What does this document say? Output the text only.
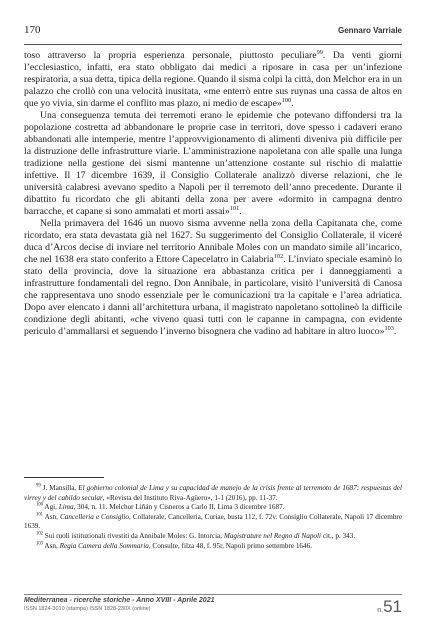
170	Gennaro Varriale

toso attraverso la propria esperienza personale, piuttosto peculiare$^{99}$. Da venti giorni l’ecclesiastico, infatti, era stato obbligato dai medici a riposare in casa per un’infezione respiratoria, a sua detta, tipica della regione. Quando il sisma colpì la città, don Melchor era in un palazzo che crollò con una velocità inusitata, «me enterrò entre sus ruynas una cassa de altos en que yo vivia, sin darme el conflito mas plazo, ni medio de escape»$^{100}$.

Una conseguenza temuta dei terremoti erano le epidemie che potevano diffondersi tra la popolazione costretta ad abbandonare le proprie case in territori, dove spesso i cadaveri erano abbandonati alle intemperie, mentre l’approvvigionamento di alimenti diveniva più difficile per la distruzione delle infrastrutture viarie. L’amministrazione napoletana con alle spalle una lunga tradizione nella gestione dei sismi mantenne un’attenzione costante sul rischio di malattie infettive. Il 17 dicembre 1639, il Consiglio Collaterale analizzò diverse relazioni, che le università calabresi avevano spedito a Napoli per il terremoto dell’anno precedente. Durante il dibattito fu ricordato che gli abitanti della zona per avere «dormito in campagna dentro barracche, et capane si sono ammalati et morti assai»$^{101}$.

Nella primavera del 1646 un nuovo sisma avvenne nella zona della Capitanata che, come ricordato, era stata devastata già nel 1627. Su suggerimento del Consiglio Collaterale, il viceré duca d’Arcos decise di inviare nel territorio Annibale Moles con un mandato simile all’incarico, che nel 1638 era stato conferito a Ettore Capecelatro in Calabria$^{102}$. L’inviato speciale esaminò lo stato della provincia, dove la situazione era abbastanza critica per i danneggiamenti a infrastrutture fondamentali del regno. Don Annibale, in particolare, visitò l’università di Canosa che rappresentava uno snodo essenziale per le comunicazioni tra la capitale e l’area adriatica. Dopo aver elencato i danni all’architettura urbana, il magistrato napoletano sottolineò la difficile condizione degli abitanti, «che viveno quasi tutti con le capanne in campagna, con evidente periculo d’ammallarsi et seguendo l’inverno bisognera che vadino ad habitare in altro luoco»$^{103}$.

$^{99}$ J. Mansilla, El gobierno colonial de Lima y su capacidad de manejo de la crisis frente al terremoto de 1687: respuestas del virrey y del cabildo secular, «Revista del Instituto Riva-Agüero», 1-1 (2016), pp. 11-37.

$^{100}$ Agi, Lima, 304, n. 11. Melchor Liñán y Cisneros a Carlo II, Lima 3 dicembre 1687.

$^{101}$ Asn, Cancelleria e Consiglio, Collaterale, Cancelleria, Curiae, busta 112, f. 72v. Consiglio Collaterale, Napoli 17 dicembre 1639.

$^{102}$ Sui ruoli istituzionali rivestiti da Annibale Moles: G. Intorcia, Magistrature nel Regno di Napoli cit., p. 343.

$^{103}$ Asn, Regia Camera della Sommaria, Consulte, filza 48, f. 95r, Napoli primo settembre 1646.

Mediterranea - ricerche storiche - Anno XVIII - Aprile 2021
ISSN 1824-3010 (stampa) ISSN 1828-230X (online)	n. 51
